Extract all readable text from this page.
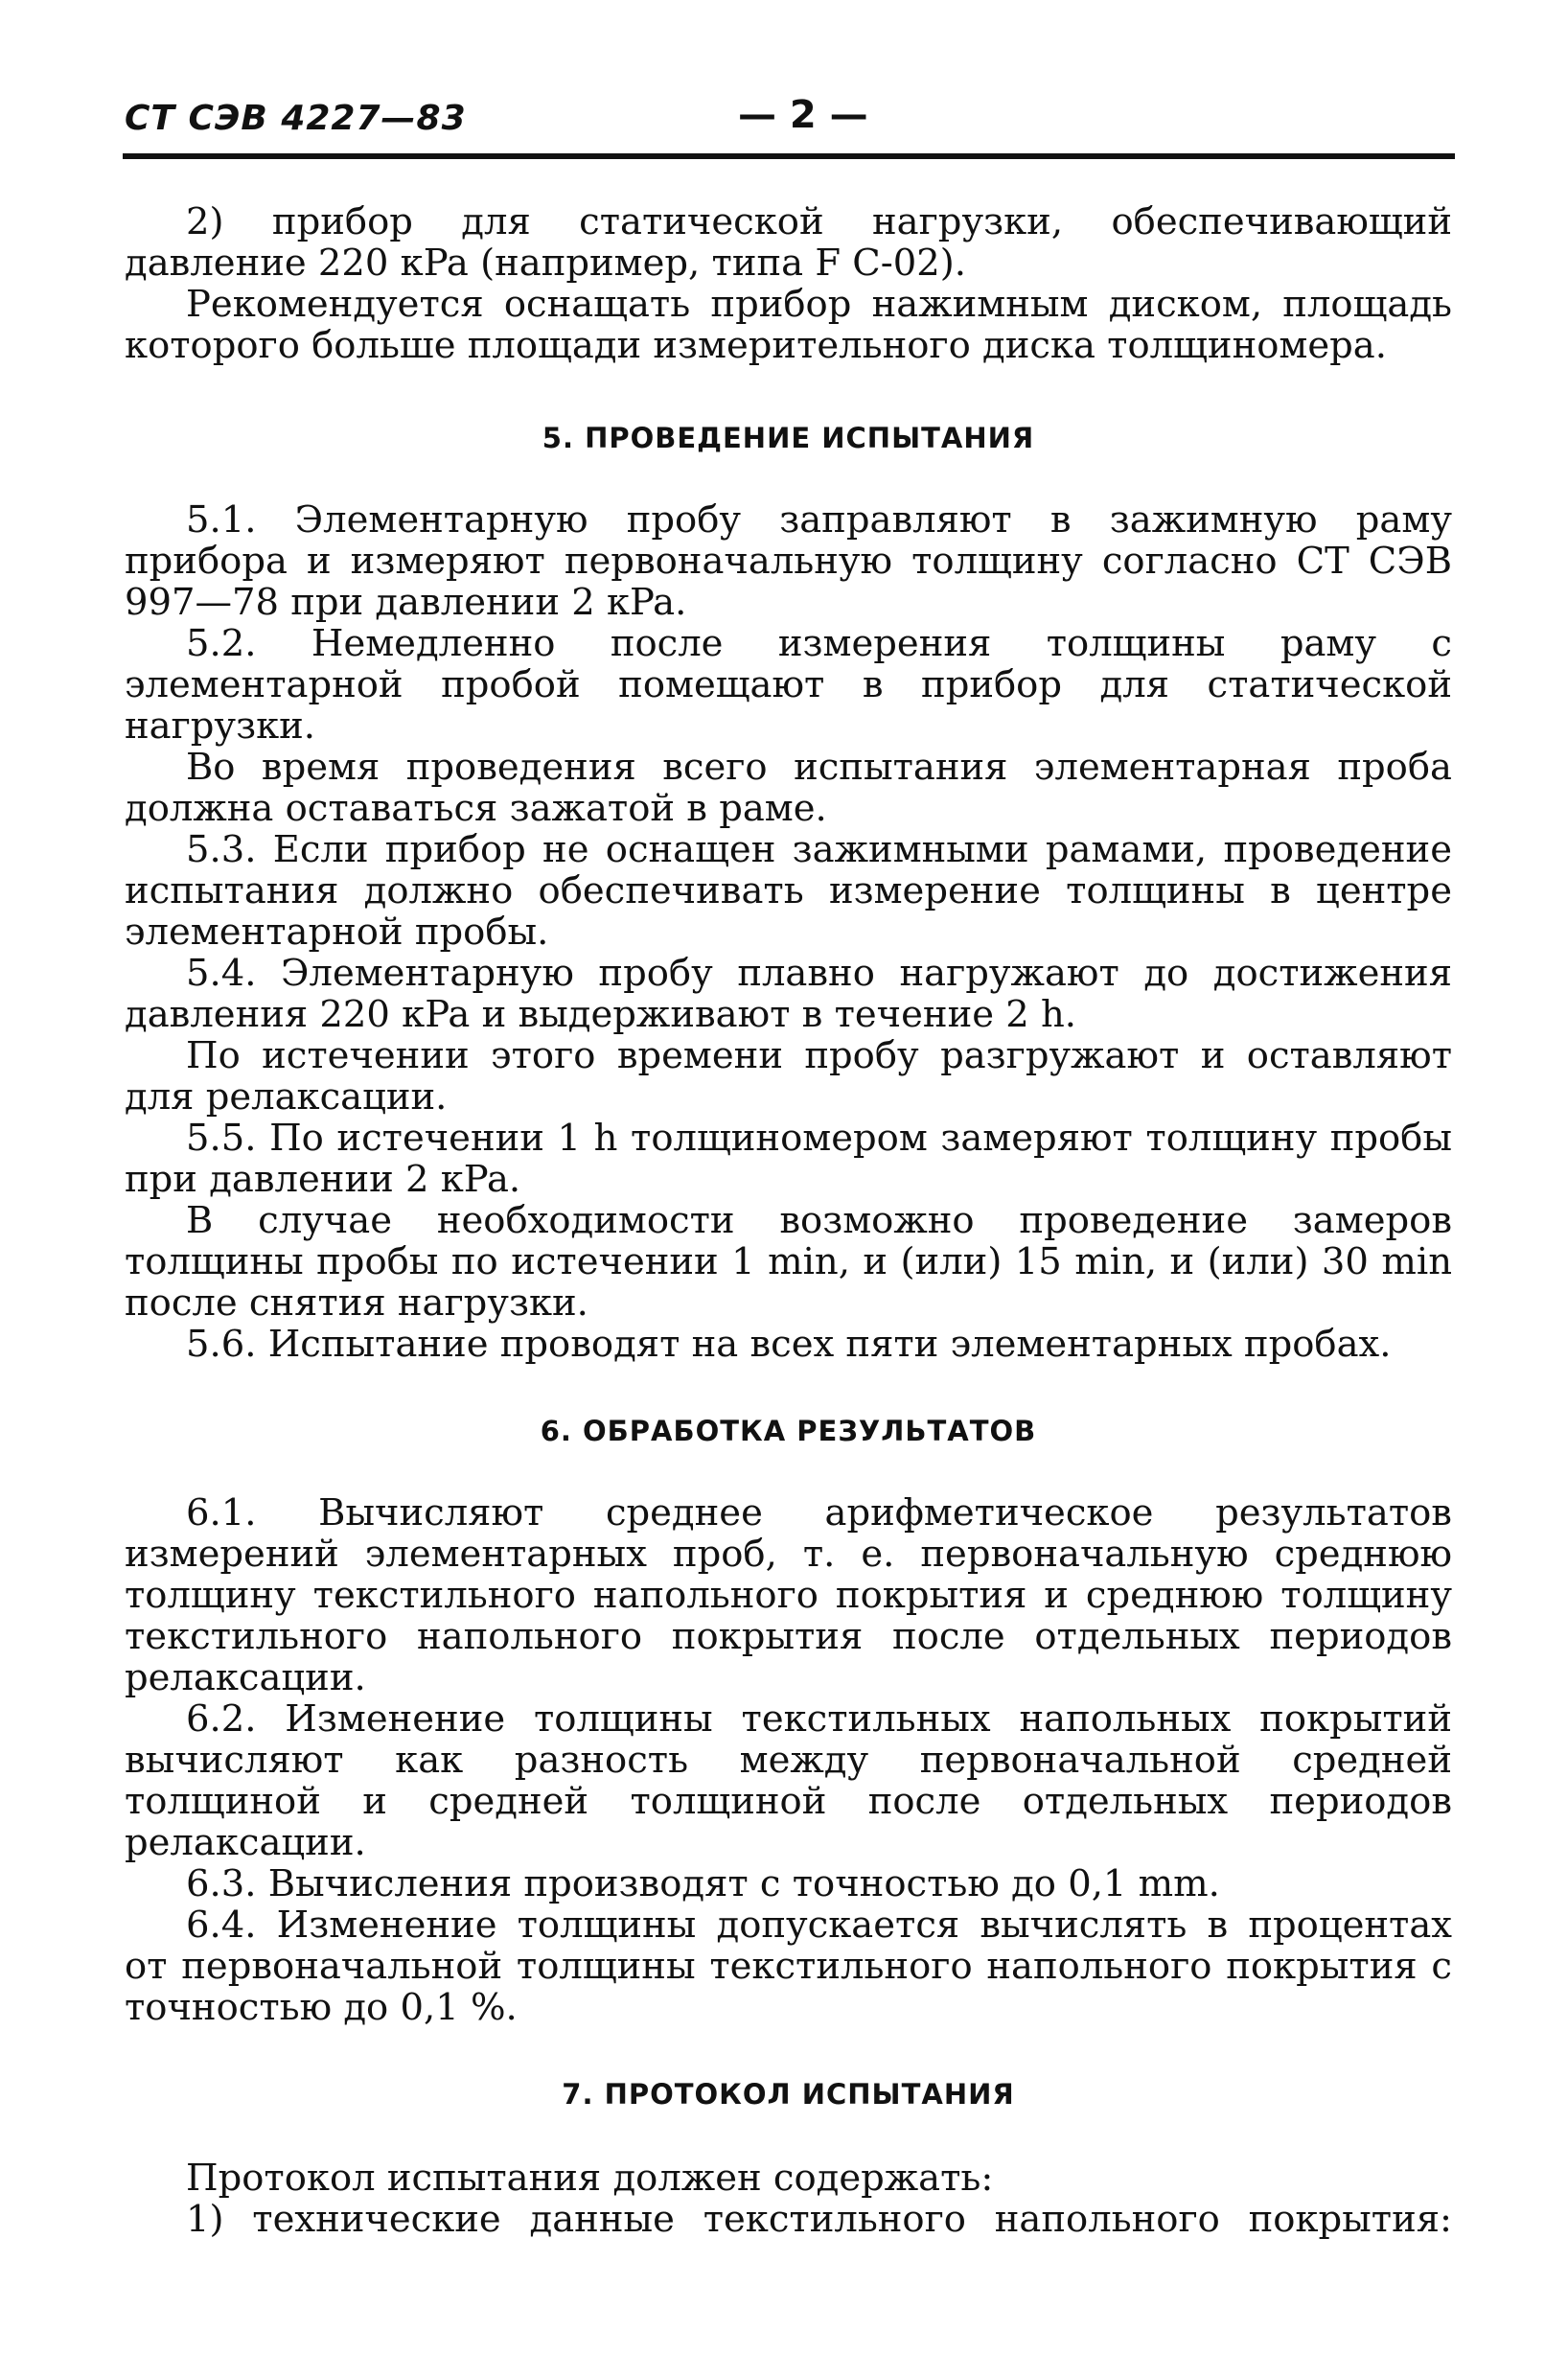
СТ СЭВ 4227—83	— 2 —

2) прибор для статической нагрузки, обеспечивающий давление 220 кPa (например, типа F C-02).

Рекомендуется оснащать прибор нажимным диском, площадь которого больше площади измерительного диска толщиномера.

5. ПРОВЕДЕНИЕ ИСПЫТАНИЯ

5.1. Элементарную пробу заправляют в зажимную раму прибора и измеряют первоначальную толщину согласно СТ СЭВ 997—78 при давлении 2 кPa.

5.2. Немедленно после измерения толщины раму с элементарной пробой помещают в прибор для статической нагрузки.

Во время проведения всего испытания элементарная проба должна оставаться зажатой в раме.

5.3. Если прибор не оснащен зажимными рамами, проведение испытания должно обеспечивать измерение толщины в центре элементарной пробы.

5.4. Элементарную пробу плавно нагружают до достижения давления 220 кPa и выдерживают в течение 2 h.

По истечении этого времени пробу разгружают и оставляют для релаксации.

5.5. По истечении 1 h толщиномером замеряют толщину пробы при давлении 2 кPa.

В случае необходимости возможно проведение замеров толщины пробы по истечении 1 min, и (или) 15 min, и (или) 30 min после снятия нагрузки.

5.6. Испытание проводят на всех пяти элементарных пробах.

6. ОБРАБОТКА РЕЗУЛЬТАТОВ

6.1. Вычисляют среднее арифметическое результатов измерений элементарных проб, т. е. первоначальную среднюю толщину текстильного напольного покрытия и среднюю толщину текстильного напольного покрытия после отдельных периодов релаксации.

6.2. Изменение толщины текстильных напольных покрытий вычисляют как разность между первоначальной средней толщиной и средней толщиной после отдельных периодов релаксации.

6.3. Вычисления производят с точностью до 0,1 mm.

6.4. Изменение толщины допускается вычислять в процентах от первоначальной толщины текстильного напольного покрытия с точностью до 0,1 %.

7. ПРОТОКОЛ ИСПЫТАНИЯ

Протокол испытания должен содержать:

1) технические данные текстильного напольного покрытия:
